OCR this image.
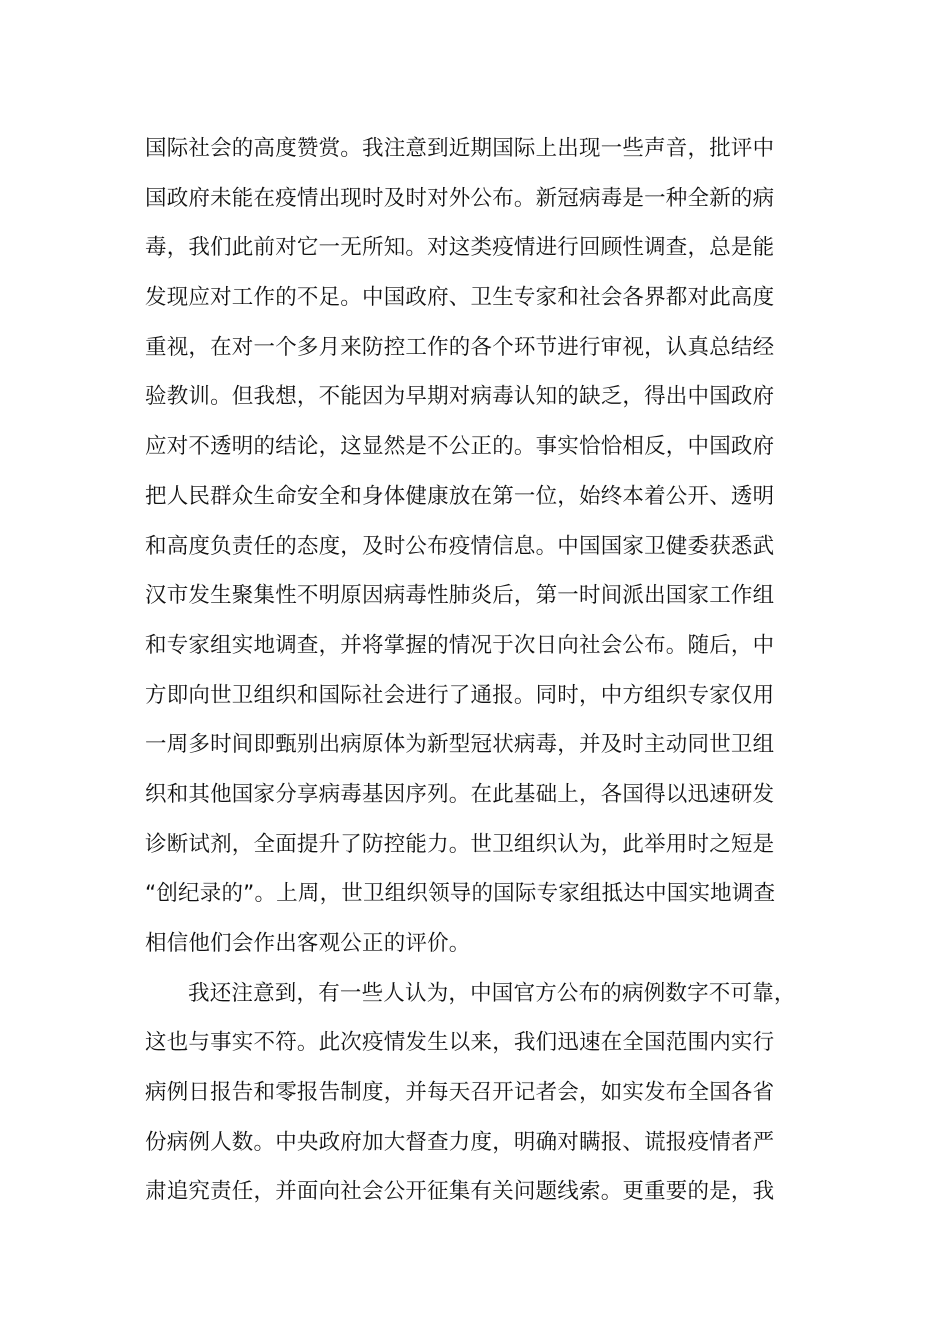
国际社会的高度赞赏。我注意到近期国际上出现一些声音，批评中
国政府未能在疫情出现时及时对外公布。新冠病毒是一种全新的病
毒，我们此前对它一无所知。对这类疫情进行回顾性调查，总是能
发现应对工作的不足。中国政府、卫生专家和社会各界都对此高度
重视，在对一个多月来防控工作的各个环节进行审视，认真总结经
验教训。但我想，不能因为早期对病毒认知的缺乏，得出中国政府
应对不透明的结论，这显然是不公正的。事实恰恰相反，中国政府
把人民群众生命安全和身体健康放在第一位，始终本着公开、透明
和高度负责任的态度，及时公布疫情信息。中国国家卫健委获悉武
汉市发生聚集性不明原因病毒性肺炎后，第一时间派出国家工作组
和专家组实地调查，并将掌握的情况于次日向社会公布。随后，中
方即向世卫组织和国际社会进行了通报。同时，中方组织专家仅用
一周多时间即甄别出病原体为新型冠状病毒，并及时主动同世卫组
织和其他国家分享病毒基因序列。在此基础上，各国得以迅速研发
诊断试剂，全面提升了防控能力。世卫组织认为，此举用时之短是
“创纪录的”。上周，世卫组织领导的国际专家组抵达中国实地调查
相信他们会作出客观公正的评价。
我还注意到，有一些人认为，中国官方公布的病例数字不可靠，
这也与事实不符。此次疫情发生以来，我们迅速在全国范围内实行
病例日报告和零报告制度，并每天召开记者会，如实发布全国各省
份病例人数。中央政府加大督查力度，明确对瞒报、谎报疫情者严
肃追究责任，并面向社会公开征集有关问题线索。更重要的是，我
